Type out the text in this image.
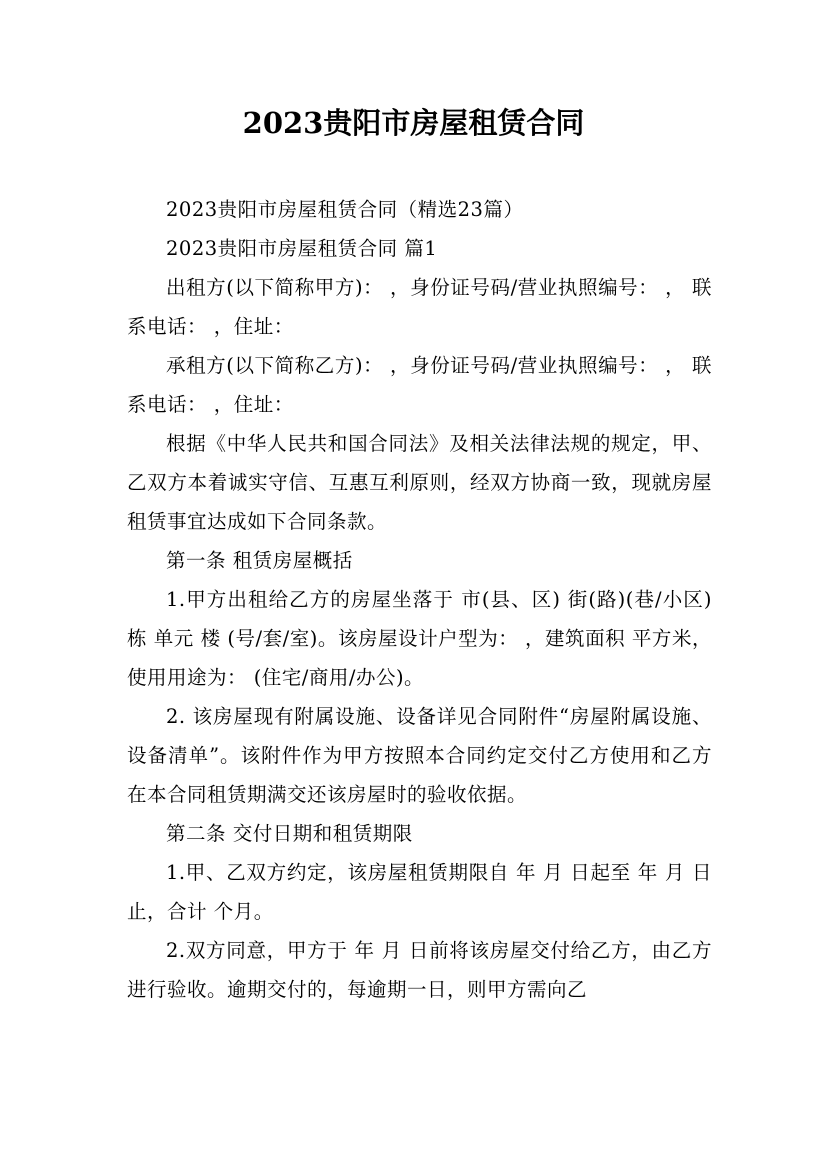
2023贵阳市房屋租赁合同

2023贵阳市房屋租赁合同（精选23篇）

2023贵阳市房屋租赁合同 篇1

出租方(以下简称甲方)： ，身份证号码/营业执照编号： ， 联系电话： ，住址：

承租方(以下简称乙方)： ，身份证号码/营业执照编号： ， 联系电话： ，住址：

根据《中华人民共和国合同法》及相关法律法规的规定，甲、乙双方本着诚实守信、互惠互利原则，经双方协商一致，现就房屋租赁事宜达成如下合同条款。

第一条 租赁房屋概括

1.甲方出租给乙方的房屋坐落于 市(县、区) 街(路)(巷/小区) 栋 单元 楼 (号/套/室)。该房屋设计户型为： ，建筑面积 平方米，使用用途为： (住宅/商用/办公)。

2. 该房屋现有附属设施、设备详见合同附件“房屋附属设施、设备清单”。该附件作为甲方按照本合同约定交付乙方使用和乙方在本合同租赁期满交还该房屋时的验收依据。

第二条 交付日期和租赁期限

1.甲、乙双方约定，该房屋租赁期限自 年 月 日起至 年 月 日止，合计 个月。

2.双方同意，甲方于 年 月 日前将该房屋交付给乙方，由乙方进行验收。逾期交付的，每逾期一日，则甲方需向乙
